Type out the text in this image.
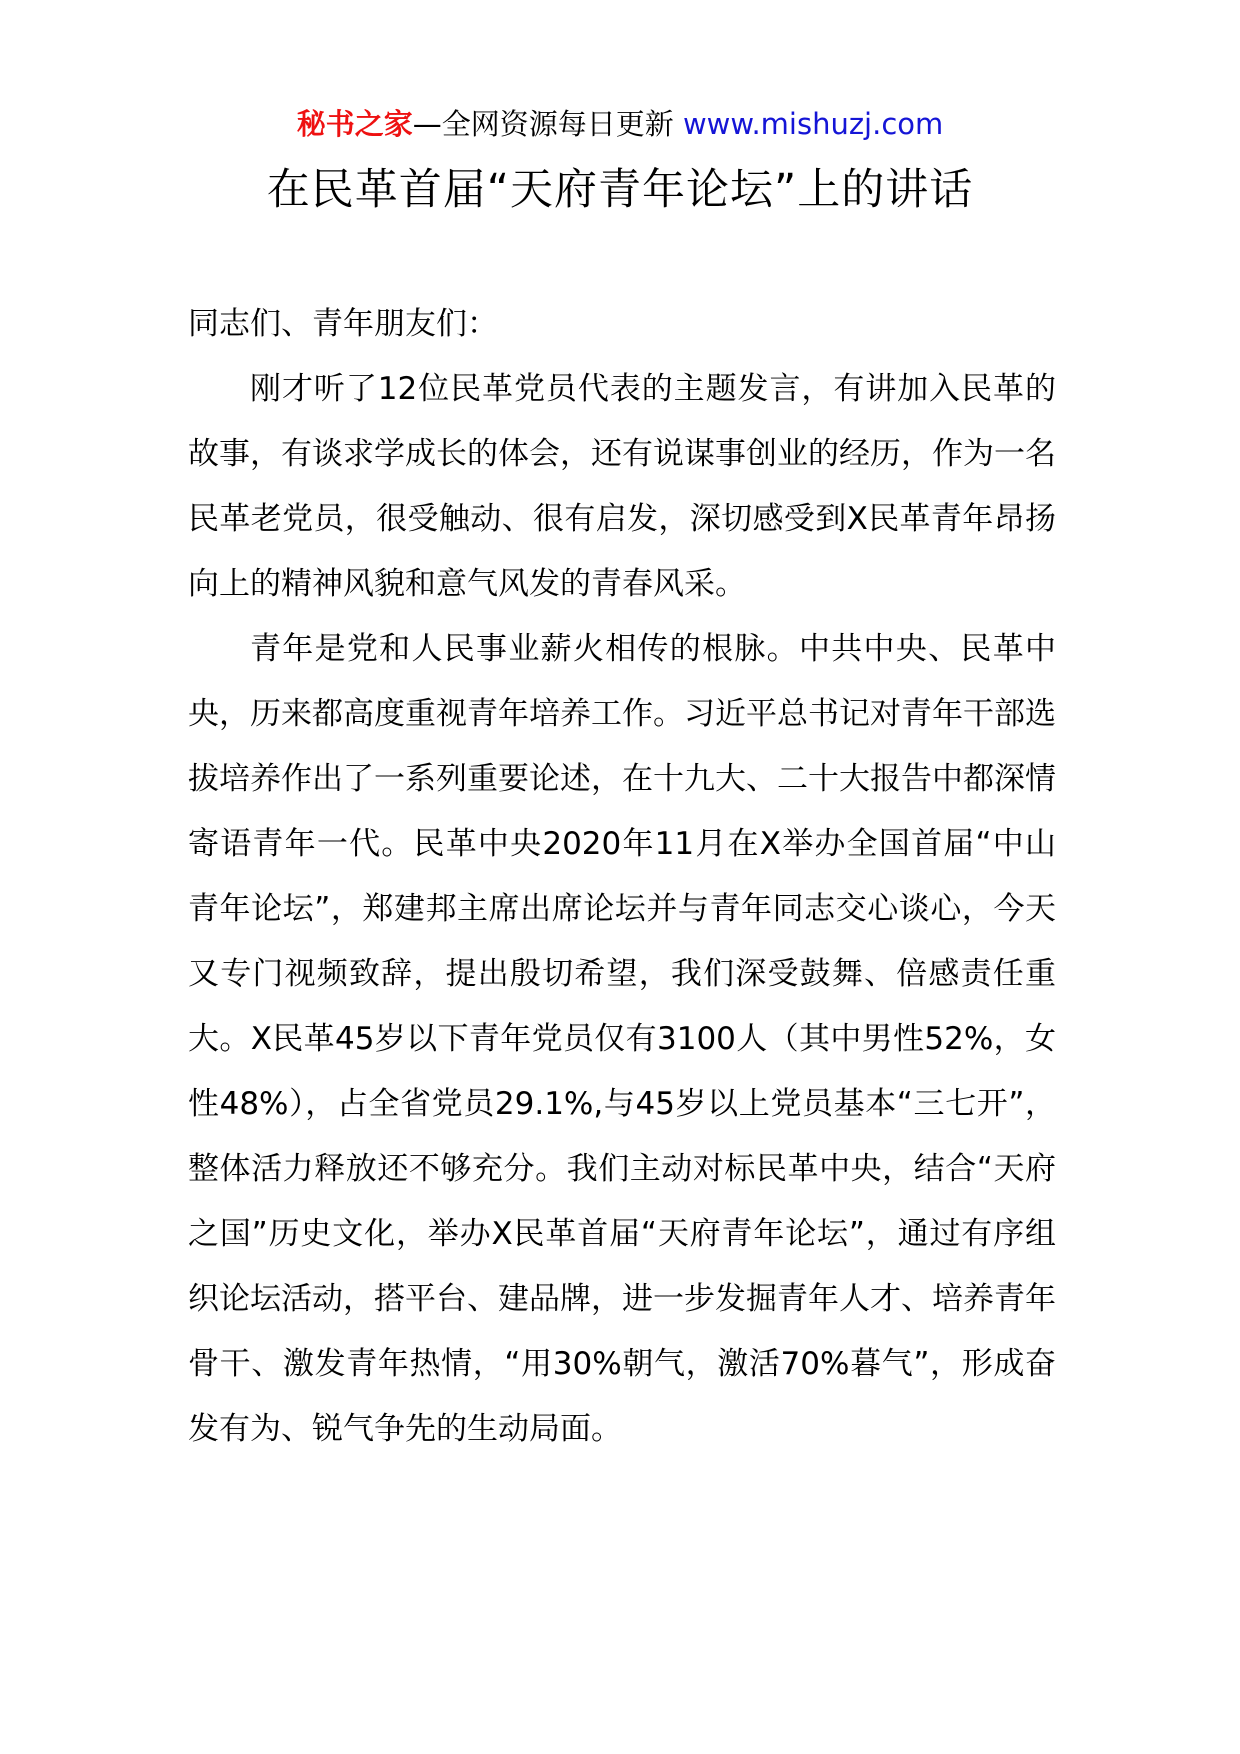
秘书之家—全网资源每日更新 www.mishuzj.com
在民革首届“天府青年论坛”上的讲话

同志们、青年朋友们：

刚才听了12位民革党员代表的主题发言，有讲加入民革的故事，有谈求学成长的体会，还有说谋事创业的经历，作为一名民革老党员，很受触动、很有启发，深切感受到X民革青年昂扬向上的精神风貌和意气风发的青春风采。

青年是党和人民事业薪火相传的根脉。中共中央、民革中央，历来都高度重视青年培养工作。习近平总书记对青年干部选拔培养作出了一系列重要论述，在十九大、二十大报告中都深情寄语青年一代。民革中央2020年11月在X举办全国首届“中山青年论坛”，郑建邦主席出席论坛并与青年同志交心谈心，今天又专门视频致辞，提出殷切希望，我们深受鼓舞、倍感责任重大。X民革45岁以下青年党员仅有3100人（其中男性52%，女性48%），占全省党员29.1%,与45岁以上党员基本“三七开”，整体活力释放还不够充分。我们主动对标民革中央，结合“天府之国”历史文化，举办X民革首届“天府青年论坛”，通过有序组织论坛活动，搭平台、建品牌，进一步发掘青年人才、培养青年骨干、激发青年热情，“用30%朝气，激活70%暮气”，形成奋发有为、锐气争先的生动局面。
